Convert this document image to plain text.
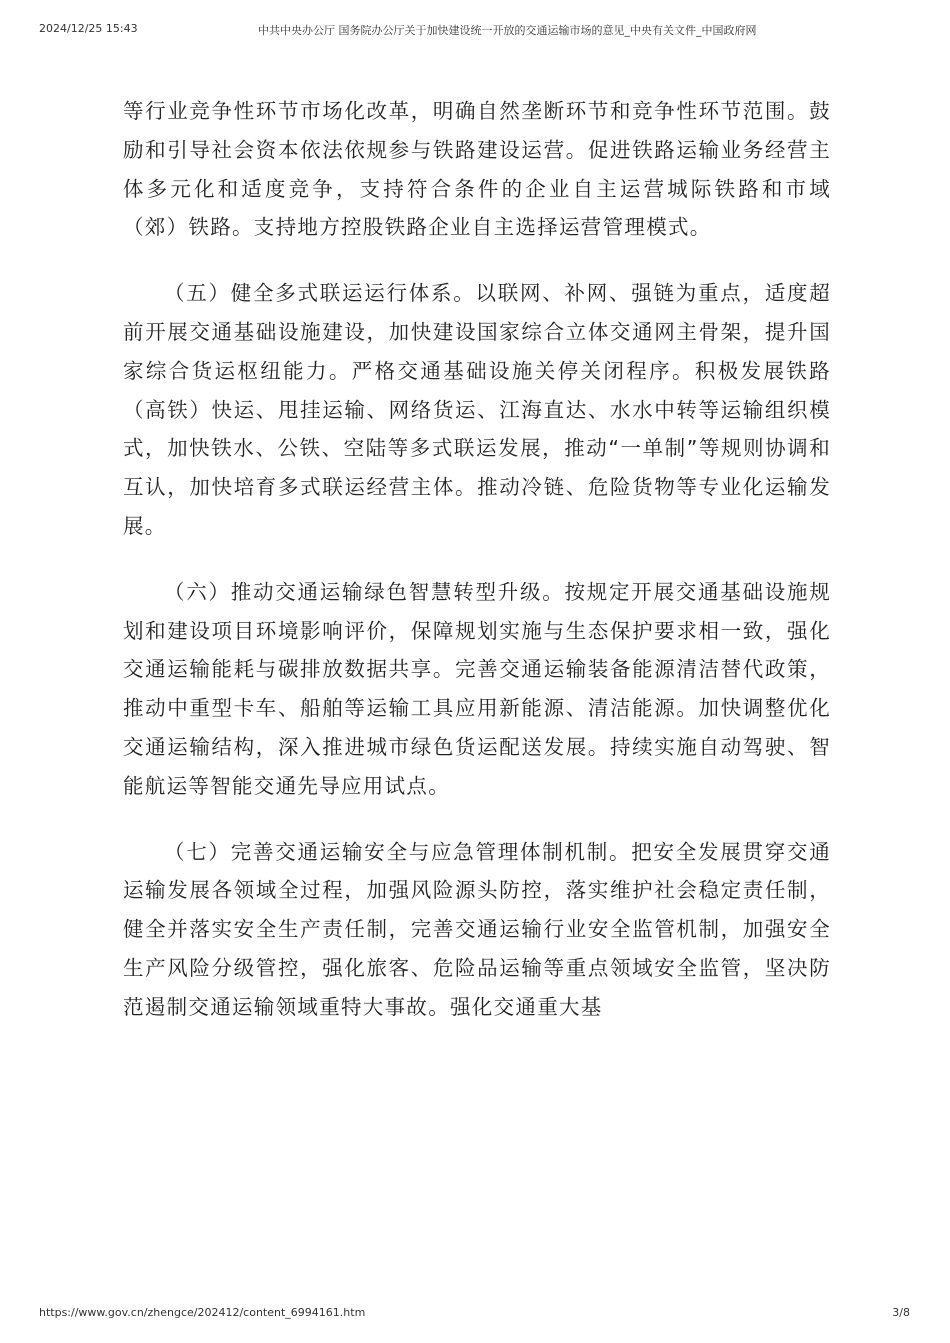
2024/12/25 15:43	中共中央办公厅 国务院办公厅关于加快建设统一开放的交通运输市场的意见_中央有关文件_中国政府网

等行业竞争性环节市场化改革，明确自然垄断环节和竞争性环节范围。鼓励和引导社会资本依法依规参与铁路建设运营。促进铁路运输业务经营主体多元化和适度竞争，支持符合条件的企业自主运营城际铁路和市域（郊）铁路。支持地方控股铁路企业自主选择运营管理模式。

（五）健全多式联运运行体系。以联网、补网、强链为重点，适度超前开展交通基础设施建设，加快建设国家综合立体交通网主骨架，提升国家综合货运枢纽能力。严格交通基础设施关停关闭程序。积极发展铁路（高铁）快运、甩挂运输、网络货运、江海直达、水水中转等运输组织模式，加快铁水、公铁、空陆等多式联运发展，推动“一单制”等规则协调和互认，加快培育多式联运经营主体。推动冷链、危险货物等专业化运输发展。

（六）推动交通运输绿色智慧转型升级。按规定开展交通基础设施规划和建设项目环境影响评价，保障规划实施与生态保护要求相一致，强化交通运输能耗与碳排放数据共享。完善交通运输装备能源清洁替代政策，推动中重型卡车、船舶等运输工具应用新能源、清洁能源。加快调整优化交通运输结构，深入推进城市绿色货运配送发展。持续实施自动驾驶、智能航运等智能交通先导应用试点。

（七）完善交通运输安全与应急管理体制机制。把安全发展贯穿交通运输发展各领域全过程，加强风险源头防控，落实维护社会稳定责任制，健全并落实安全生产责任制，完善交通运输行业安全监管机制，加强安全生产风险分级管控，强化旅客、危险品运输等重点领域安全监管，坚决防范遏制交通运输领域重特大事故。强化交通重大基

https://www.gov.cn/zhengce/202412/content_6994161.htm	3/8
